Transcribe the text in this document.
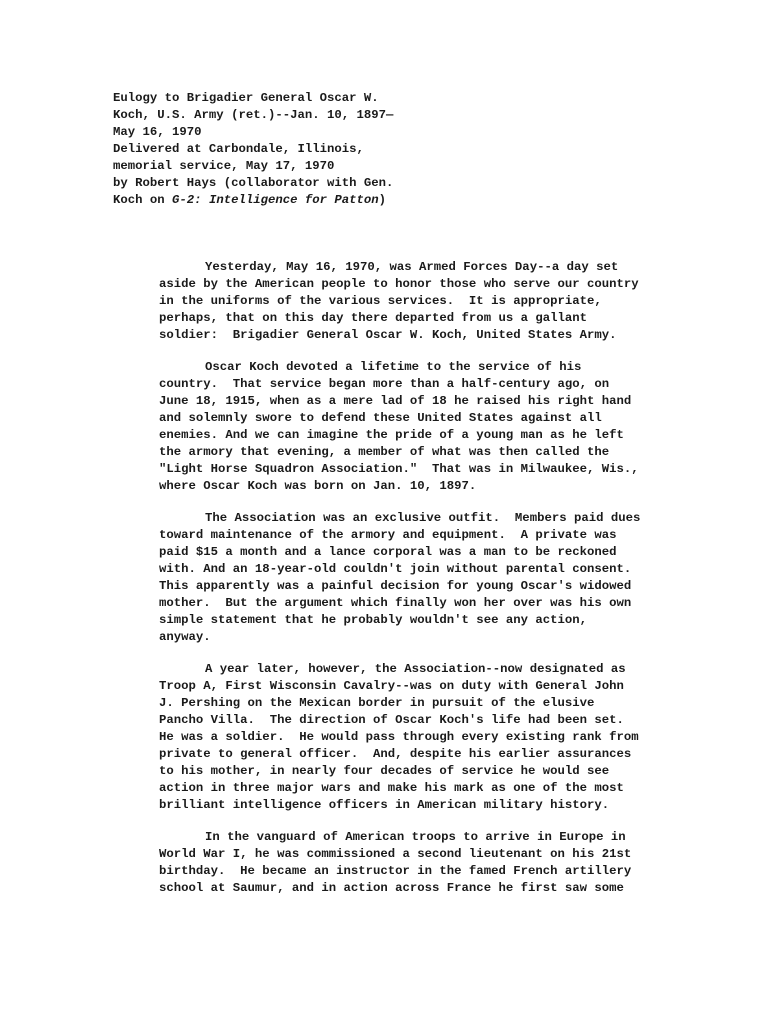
Eulogy to Brigadier General Oscar W.
Koch, U.S. Army (ret.)--Jan. 10, 1897—
May 16, 1970
Delivered at Carbondale, Illinois,
memorial service, May 17, 1970
by Robert Hays (collaborator with Gen.
Koch on G-2: Intelligence for Patton)
Yesterday, May 16, 1970, was Armed Forces Day--a day set
aside by the American people to honor those who serve our country
in the uniforms of the various services.  It is appropriate,
perhaps, that on this day there departed from us a gallant
soldier:  Brigadier General Oscar W. Koch, United States Army.
Oscar Koch devoted a lifetime to the service of his
country.  That service began more than a half-century ago, on
June 18, 1915, when as a mere lad of 18 he raised his right hand
and solemnly swore to defend these United States against all
enemies. And we can imagine the pride of a young man as he left
the armory that evening, a member of what was then called the
"Light Horse Squadron Association."  That was in Milwaukee, Wis.,
where Oscar Koch was born on Jan. 10, 1897.
The Association was an exclusive outfit.  Members paid dues
toward maintenance of the armory and equipment.  A private was
paid $15 a month and a lance corporal was a man to be reckoned
with. And an 18-year-old couldn't join without parental consent.
This apparently was a painful decision for young Oscar's widowed
mother.  But the argument which finally won her over was his own
simple statement that he probably wouldn't see any action,
anyway.
A year later, however, the Association--now designated as
Troop A, First Wisconsin Cavalry--was on duty with General John
J. Pershing on the Mexican border in pursuit of the elusive
Pancho Villa.  The direction of Oscar Koch's life had been set.
He was a soldier.  He would pass through every existing rank from
private to general officer.  And, despite his earlier assurances
to his mother, in nearly four decades of service he would see
action in three major wars and make his mark as one of the most
brilliant intelligence officers in American military history.
In the vanguard of American troops to arrive in Europe in
World War I, he was commissioned a second lieutenant on his 21st
birthday.  He became an instructor in the famed French artillery
school at Saumur, and in action across France he first saw some
